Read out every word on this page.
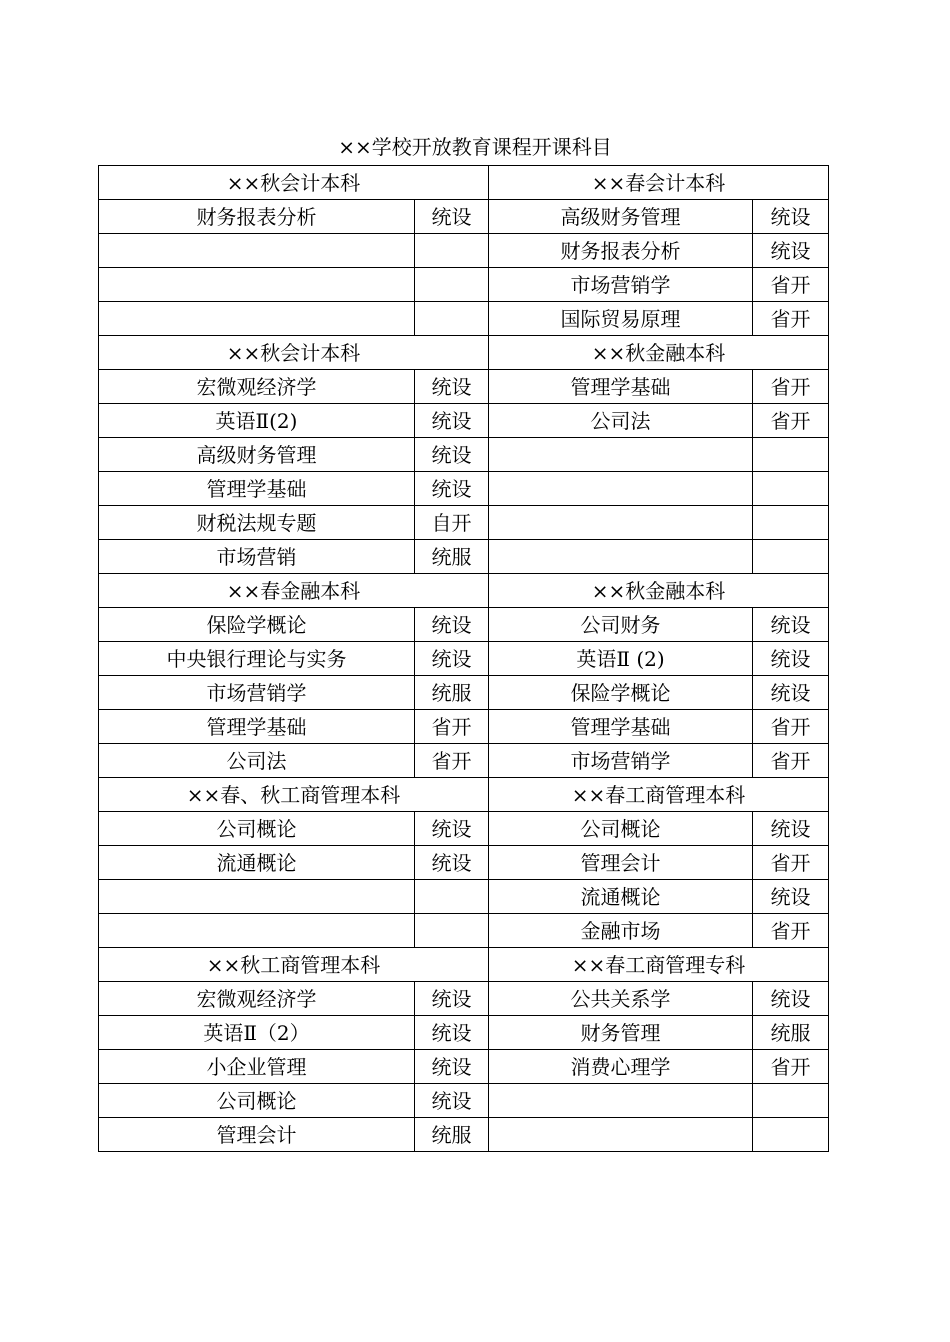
××学校开放教育课程开课科目
××秋会计本科		××春会计本科	
财务报表分析	统设	高级财务管理	统设
		财务报表分析	统设
		市场营销学	省开
		国际贸易原理	省开
××秋会计本科		××秋金融本科	
宏微观经济学	统设	管理学基础	省开
英语Ⅱ(2)	统设	公司法	省开
高级财务管理	统设		
管理学基础	统设		
财税法规专题	自开		
市场营销	统服		
××春金融本科		××秋金融本科	
保险学概论	统设	公司财务	统设
中央银行理论与实务	统设	英语Ⅱ (2)	统设
市场营销学	统服	保险学概论	统设
管理学基础	省开	管理学基础	省开
公司法	省开	市场营销学	省开
××春、秋工商管理本科		××春工商管理本科	
公司概论	统设	公司概论	统设
流通概论	统设	管理会计	省开
		流通概论	统设
		金融市场	省开
××秋工商管理本科		××春工商管理专科	
宏微观经济学	统设	公共关系学	统设
英语Ⅱ（2）	统设	财务管理	统服
小企业管理	统设	消费心理学	省开
公司概论	统设		
管理会计	统服		
